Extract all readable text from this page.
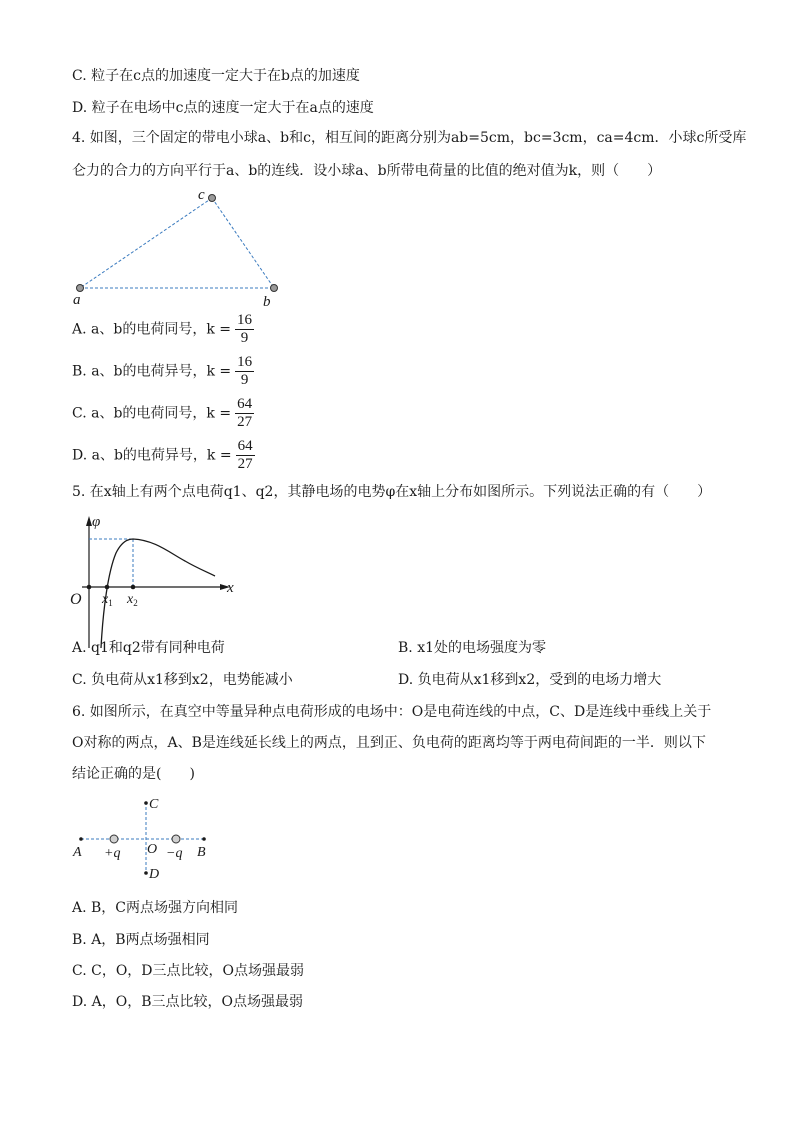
C. 粒子在c点的加速度一定大于在b点的加速度
D. 粒子在电场中c点的速度一定大于在a点的速度
4. 如图，三个固定的带电小球a、b和c，相互间的距离分别为ab=5cm，bc=3cm，ca=4cm．小球c所受库
仑力的合力的方向平行于a、b的连线．设小球a、b所带电荷量的比值的绝对值为k，则（　　）
a	b
c
A. a、b的电荷同号，$k = \frac{16}{9}$
B. a、b的电荷异号，$k = \frac{16}{9}$
C. a、b的电荷同号，$k = \frac{64}{27}$
D. a、b的电荷异号，$k = \frac{64}{27}$
5. 在x轴上有两个点电荷q1、q2，其静电场的电势φ在x轴上分布如图所示。下列说法正确的有（　　）
φ
x
O $x_1$ $x_2$
A. q1和q2带有同种电荷	B. x1处的电场强度为零
C. 负电荷从x1移到x2，电势能减小	D. 负电荷从x1移到x2，受到的电场力增大
6. 如图所示，在真空中等量异种点电荷形成的电场中：O是电荷连线的中点，C、D是连线中垂线上关于
O对称的两点，A、B是连线延长线上的两点，且到正、负电荷的距离均等于两电荷间距的一半．则以下
结论正确的是(　　)
A	B
C
D
O
+q	−q
A. B，C两点场强方向相同
B. A，B两点场强相同
C. C，O，D三点比较，O点场强最弱
D. A，O，B三点比较，O点场强最弱
